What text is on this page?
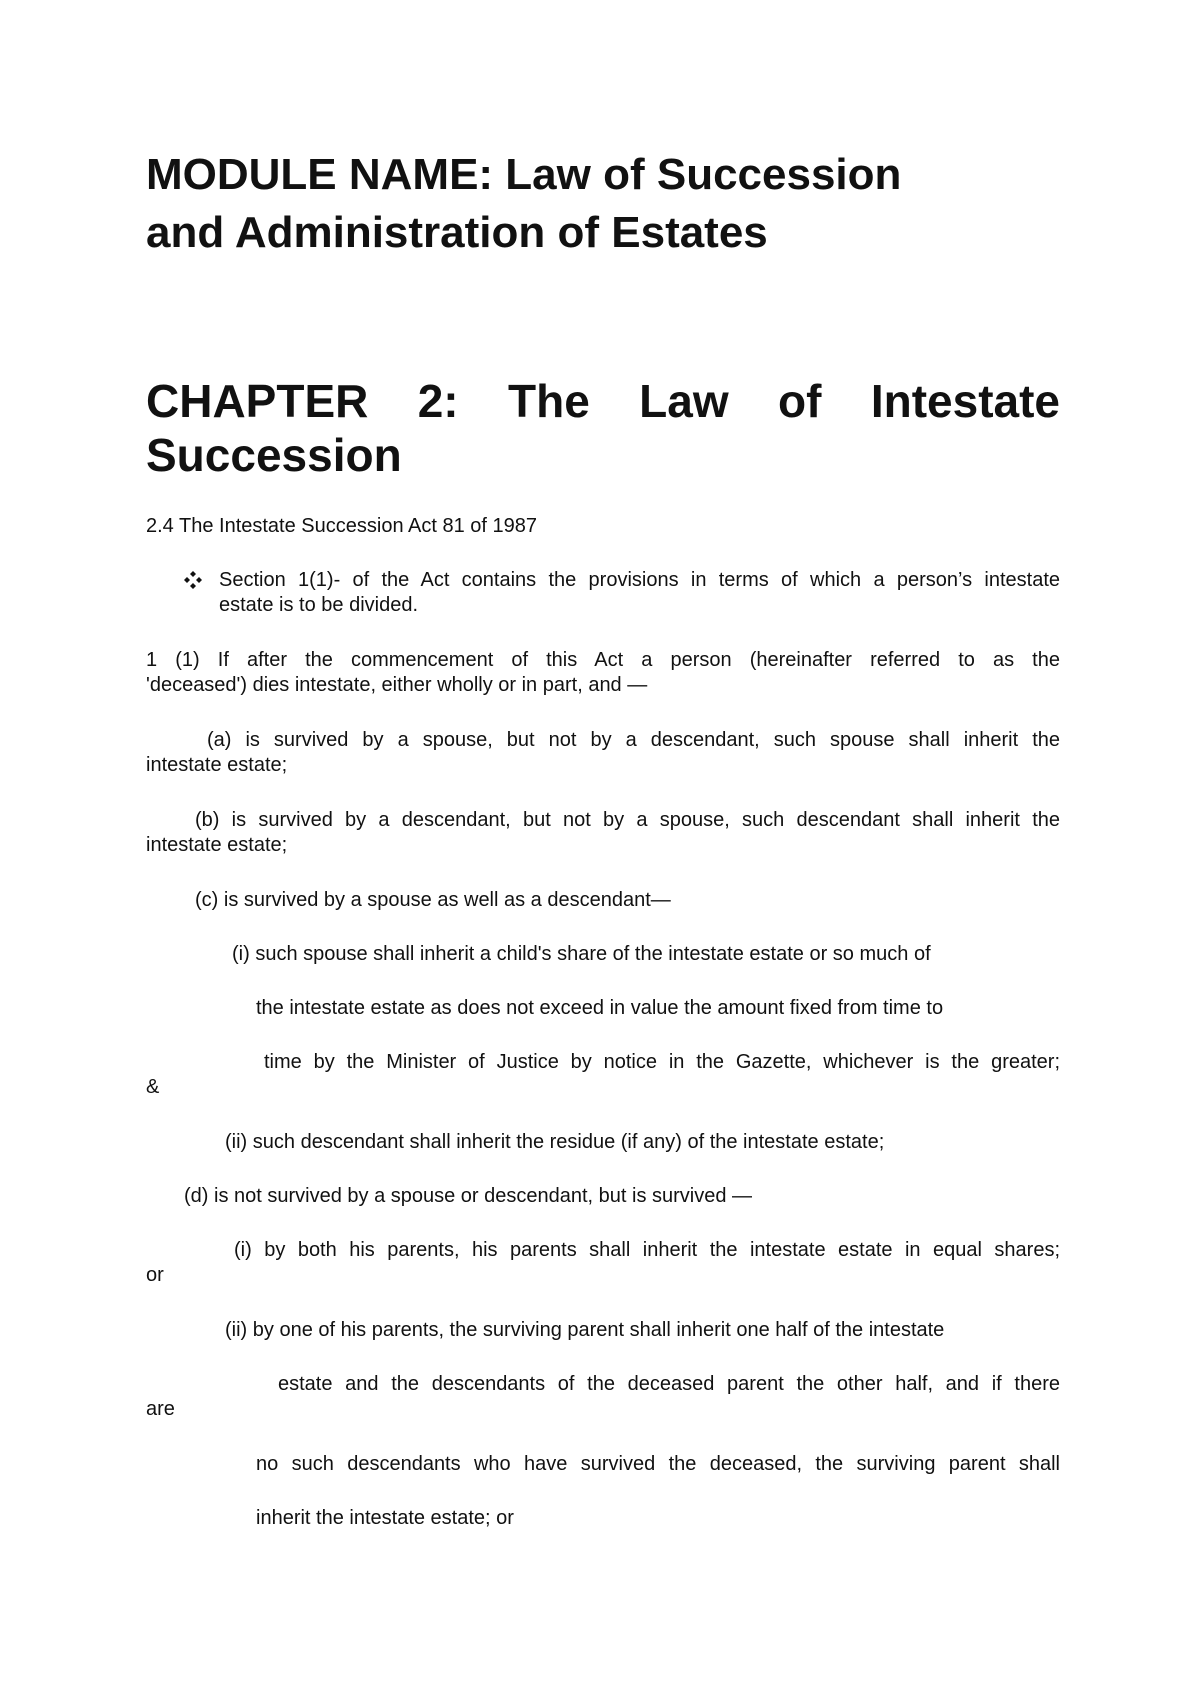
MODULE NAME: Law of Succession
and Administration of Estates
CHAPTER 2: The Law of Intestate
Succession
2.4 The Intestate Succession Act 81 of 1987
Section 1(1)- of the Act contains the provisions in terms of which a person’s intestate
estate is to be divided.
1 (1) If after the commencement of this Act a person (hereinafter referred to as the
'deceased') dies intestate, either wholly or in part, and —
(a) is survived by a spouse, but not by a descendant, such spouse shall inherit the
intestate estate;
(b) is survived by a descendant, but not by a spouse, such descendant shall inherit the
intestate estate;
(c) is survived by a spouse as well as a descendant—
(i) such spouse shall inherit a child's share of the intestate estate or so much of
the intestate estate as does not exceed in value the amount fixed from time to
time by the Minister of Justice by notice in the Gazette, whichever is the greater;
&
(ii) such descendant shall inherit the residue (if any) of the intestate estate;
(d) is not survived by a spouse or descendant, but is survived —
(i) by both his parents, his parents shall inherit the intestate estate in equal shares;
or
(ii) by one of his parents, the surviving parent shall inherit one half of the intestate
estate and the descendants of the deceased parent the other half, and if there
are
no such descendants who have survived the deceased, the surviving parent shall
inherit the intestate estate; or
